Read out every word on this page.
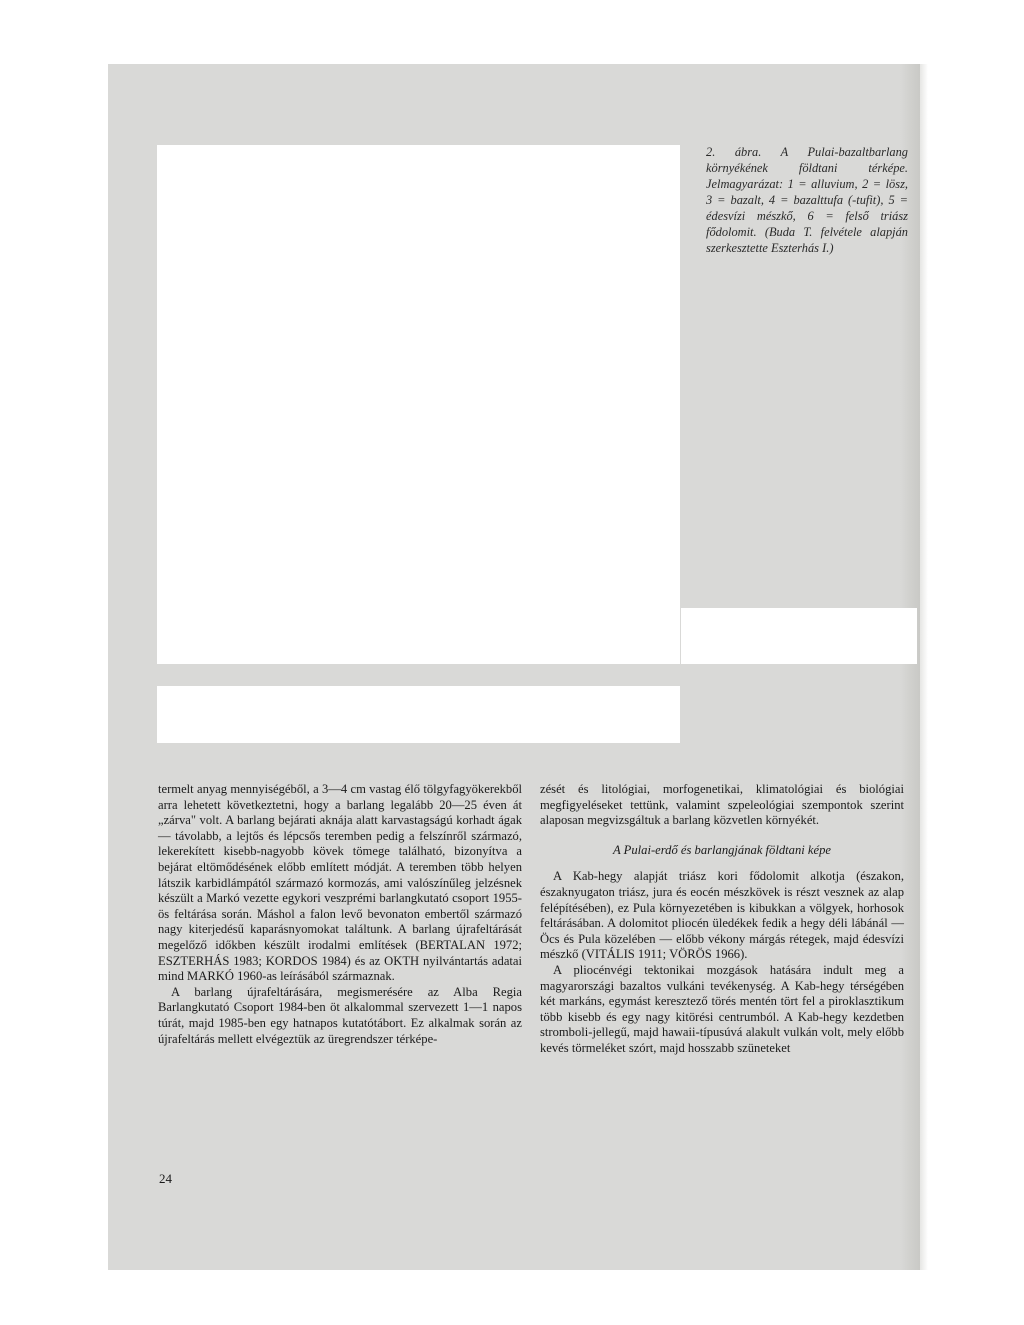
2. ábra. A Pulai-bazaltbarlang környékének földtani térképe. Jelmagyarázat: 1 = alluvium, 2 = lösz, 3 = bazalt, 4 = bazalttufa (-tufit), 5 = édesvízi mészkő, 6 = felső triász fődolomit. (Buda T. felvétele alapján szerkesztette Eszterhás I.)

termelt anyag mennyiségéből, a 3—4 cm vastag élő tölgyfagyökerekből arra lehetett következtetni, hogy a barlang legalább 20—25 éven át „zárva" volt. A barlang bejárati aknája alatt karvastagságú korhadt ágak — távolabb, a lejtős és lépcsős teremben pedig a felszínről származó, lekerekített kisebb-nagyobb kövek tömege található, bizonyítva a bejárat eltömődésének előbb említett módját. A teremben több helyen látszik karbidlámpától származó kormozás, ami valószínűleg jelzésnek készült a Markó vezette egykori veszprémi barlangkutató csoport 1955-ös feltárása során. Máshol a falon levő bevonaton embertől származó nagy kiterjedésű kaparásnyomokat találtunk. A barlang újrafeltárását megelőző időkben készült irodalmi említések (BERTALAN 1972; ESZTERHÁS 1983; KORDOS 1984) és az OKTH nyilvántartás adatai mind MARKÓ 1960-as leírásából származnak.

A barlang újrafeltárására, megismerésére az Alba Regia Barlangkutató Csoport 1984-ben öt alkalommal szervezett 1—1 napos túrát, majd 1985-ben egy hatnapos kutatótábort. Ez alkalmak során az újrafeltárás mellett elvégeztük az üregrendszer térképe-

zését és litológiai, morfogenetikai, klimatológiai és biológiai megfigyeléseket tettünk, valamint szpeleológiai szempontok szerint alaposan megvizsgáltuk a barlang közvetlen környékét.

A Pulai-erdő és barlangjának földtani képe

A Kab-hegy alapját triász kori fődolomit alkotja (északon, északnyugaton triász, jura és eocén mészkövek is részt vesznek az alap felépítésében), ez Pula környezetében is kibukkan a völgyek, horhosok feltárásában. A dolomitot pliocén üledékek fedik a hegy déli lábánál — Öcs és Pula közelében — előbb vékony márgás rétegek, majd édesvízi mészkő (VITÁLIS 1911; VÖRÖS 1966).

A pliocénvégi tektonikai mozgások hatására indult meg a magyarországi bazaltos vulkáni tevékenység. A Kab-hegy térségében két markáns, egymást keresztező törés mentén tört fel a piroklasztikum több kisebb és egy nagy kitörési centrumból. A Kab-hegy kezdetben stromboli-jellegű, majd hawaii-típusúvá alakult vulkán volt, mely előbb kevés törmeléket szórt, majd hosszabb szüneteket

24
